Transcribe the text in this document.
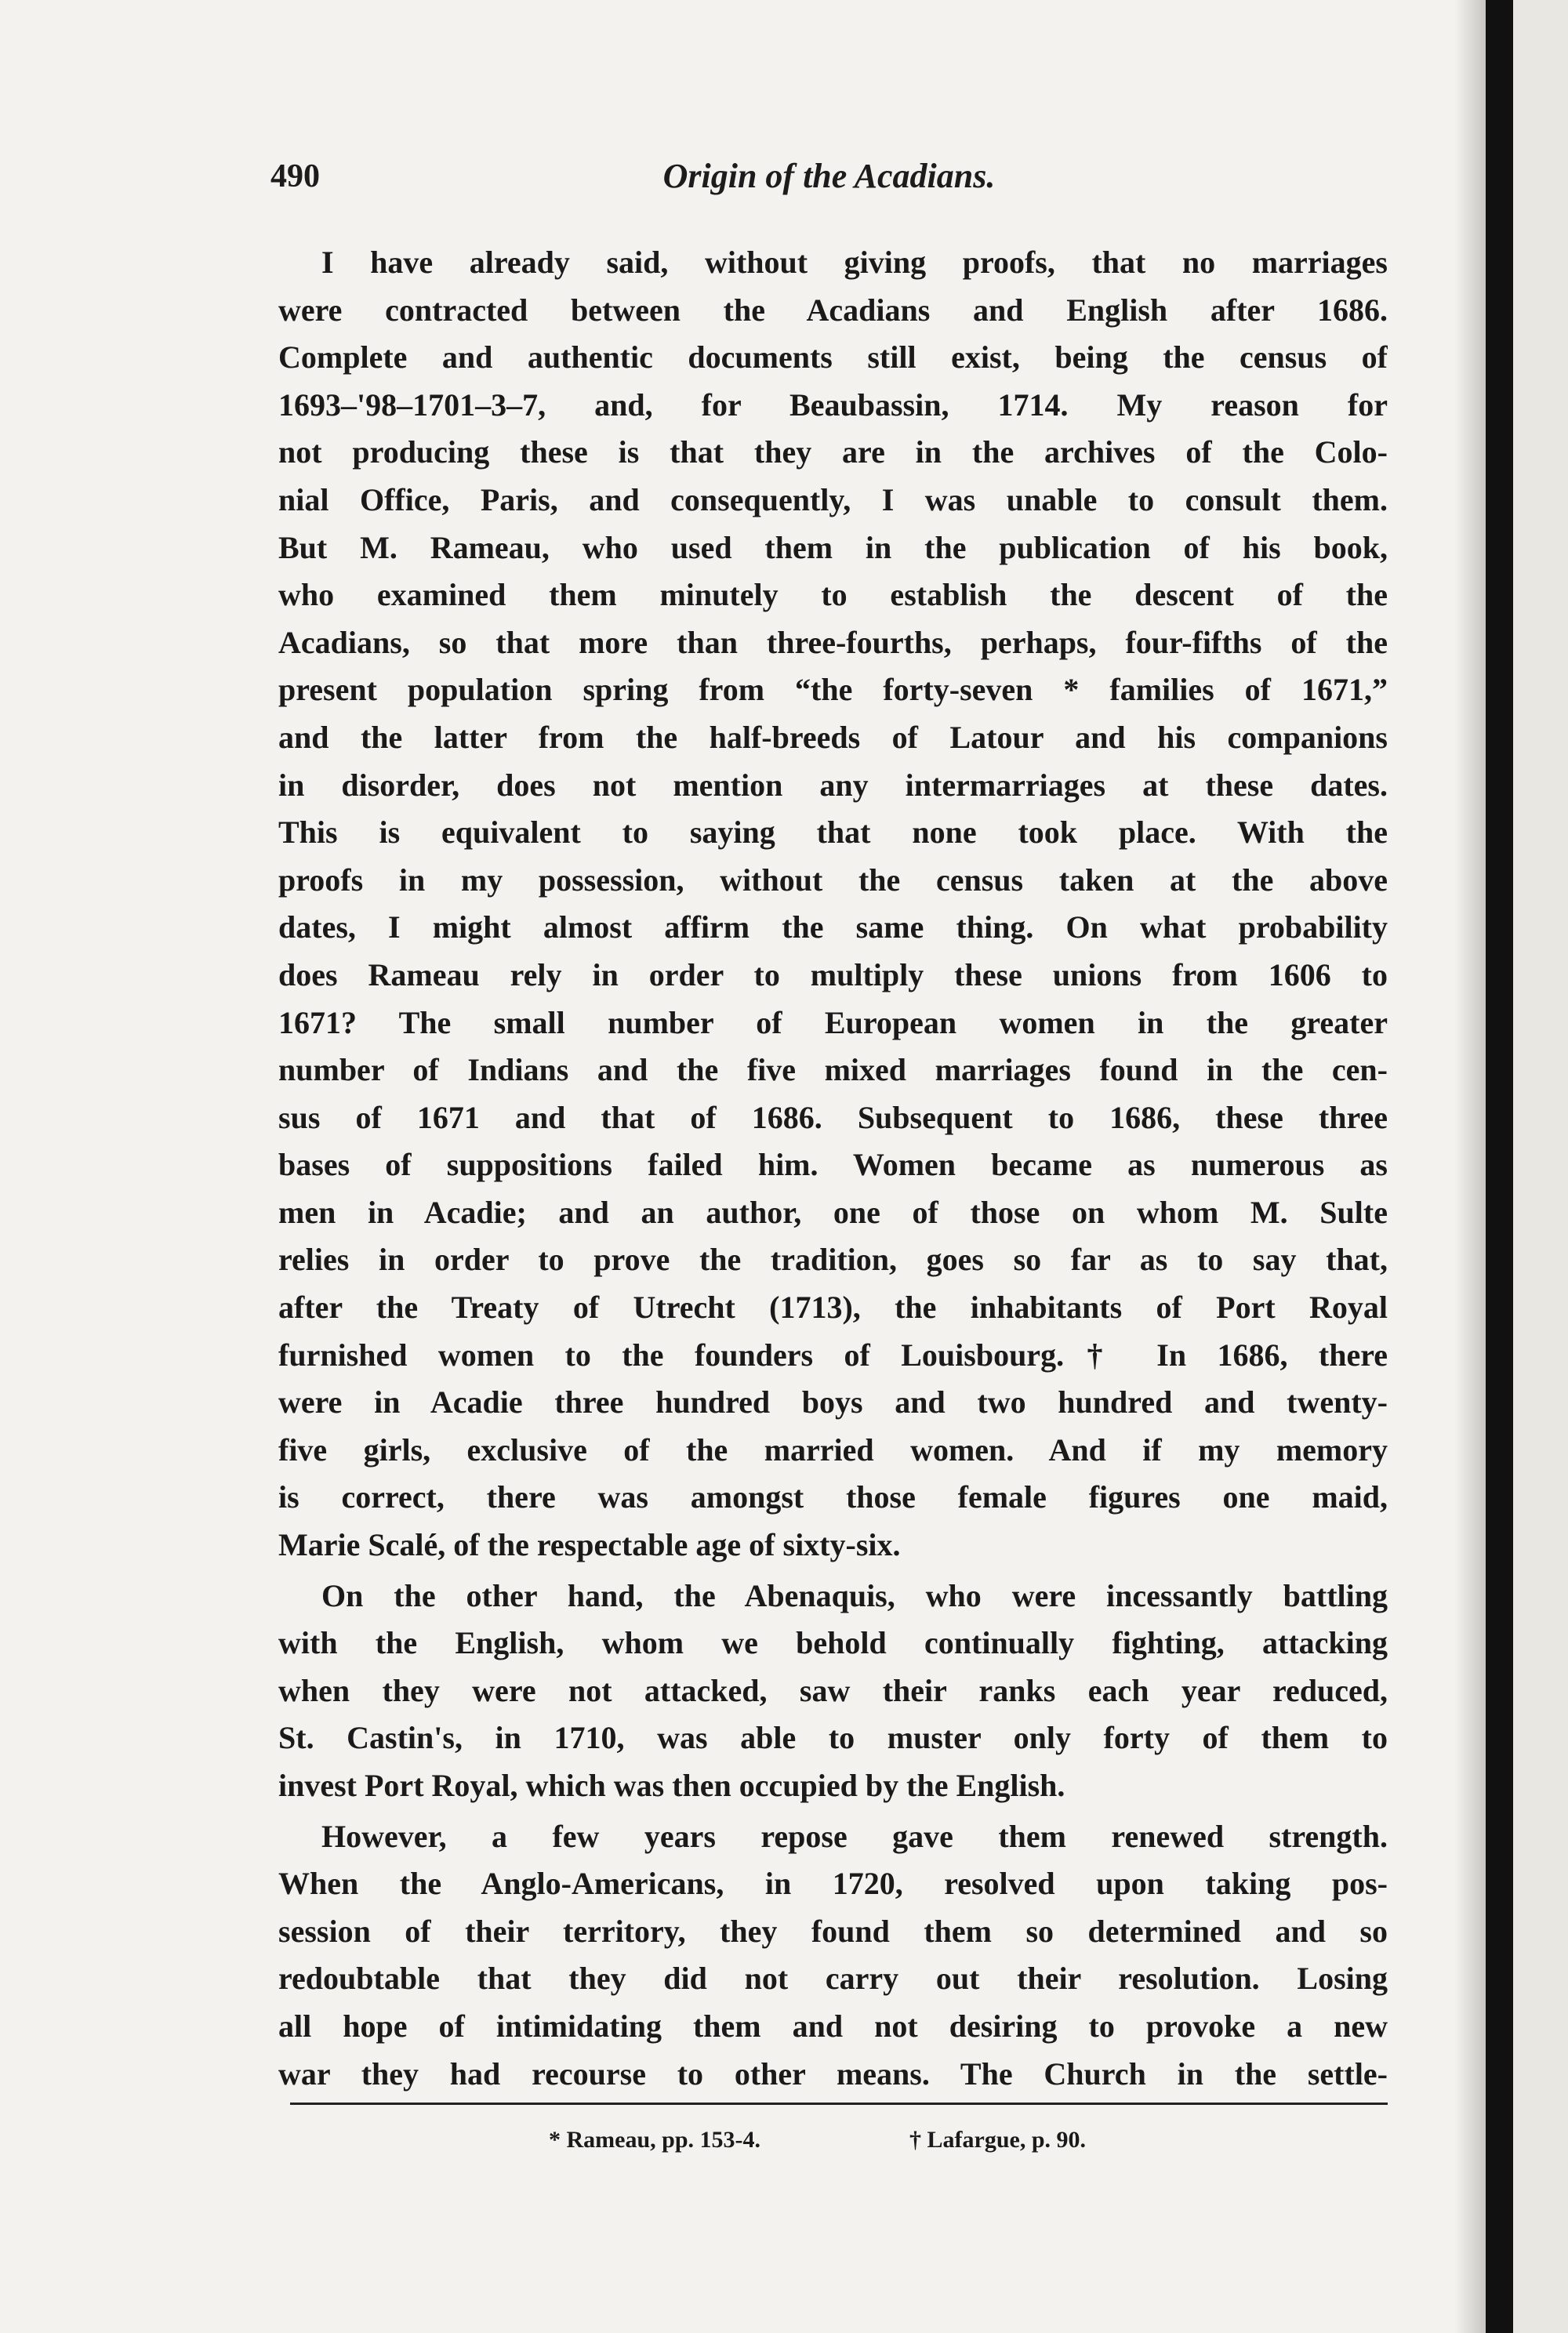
490	Origin of the Acadians.
I have already said, without giving proofs, that no marriages
were contracted between the Acadians and English after 1686.
Complete and authentic documents still exist, being the census of
1693–'98–1701–3–7, and, for Beaubassin, 1714. My reason for
not producing these is that they are in the archives of the Colo-
nial Office, Paris, and consequently, I was unable to consult them.
But M. Rameau, who used them in the publication of his book,
who examined them minutely to establish the descent of the
Acadians, so that more than three-fourths, perhaps, four-fifths of the
present population spring from “the forty-seven * families of 1671,”
and the latter from the half-breeds of Latour and his companions
in disorder, does not mention any intermarriages at these dates.
This is equivalent to saying that none took place. With the
proofs in my possession, without the census taken at the above
dates, I might almost affirm the same thing. On what probability
does Rameau rely in order to multiply these unions from 1606 to
1671? The small number of European women in the greater
number of Indians and the five mixed marriages found in the cen-
sus of 1671 and that of 1686. Subsequent to 1686, these three
bases of suppositions failed him. Women became as numerous as
men in Acadie; and an author, one of those on whom M. Sulte
relies in order to prove the tradition, goes so far as to say that,
after the Treaty of Utrecht (1713), the inhabitants of Port Royal
furnished women to the founders of Louisbourg.† In 1686, there
were in Acadie three hundred boys and two hundred and twenty-
five girls, exclusive of the married women. And if my memory
is correct, there was amongst those female figures one maid,
Marie Scalé, of the respectable age of sixty-six.
On the other hand, the Abenaquis, who were incessantly battling
with the English, whom we behold continually fighting, attacking
when they were not attacked, saw their ranks each year reduced,
St. Castin's, in 1710, was able to muster only forty of them to
invest Port Royal, which was then occupied by the English.
However, a few years repose gave them renewed strength.
When the Anglo-Americans, in 1720, resolved upon taking pos-
session of their territory, they found them so determined and so
redoubtable that they did not carry out their resolution. Losing
all hope of intimidating them and not desiring to provoke a new
war they had recourse to other means. The Church in the settle-
* Rameau, pp. 153-4.	† Lafargue, p. 90.
